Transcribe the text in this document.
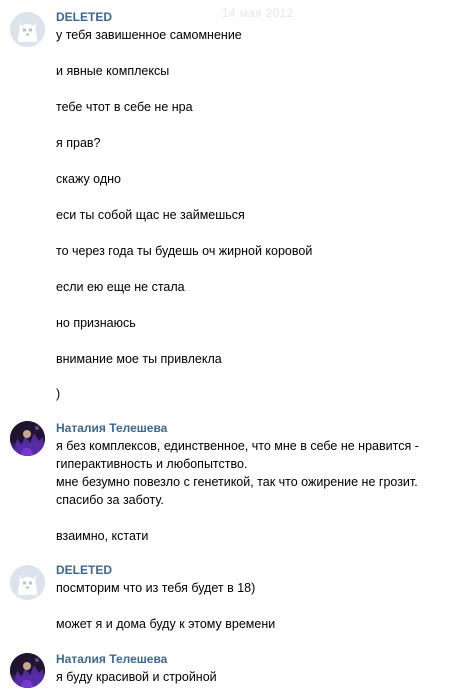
14 мая 2012
DELETED
у тебя завишенное самомнение
и явные комплексы
тебе чтот в себе не нра
я прав?
скажу одно
еси ты собой щас не займешься
то через года ты будешь оч жирной коровой
если ею еще не стала
но признаюсь
внимание мое ты привлекла
)
Наталия Телешева
я без комплексов, единственное, что мне в себе не нравится -
гиперактивность и любопытство.
мне безумно повезло с генетикой, так что ожирение не грозит.
спасибо за заботу.
взаимно, кстати
DELETED
посмторим что из тебя будет в 18)
может я и дома буду к этому времени
Наталия Телешева
я буду красивой и стройной
